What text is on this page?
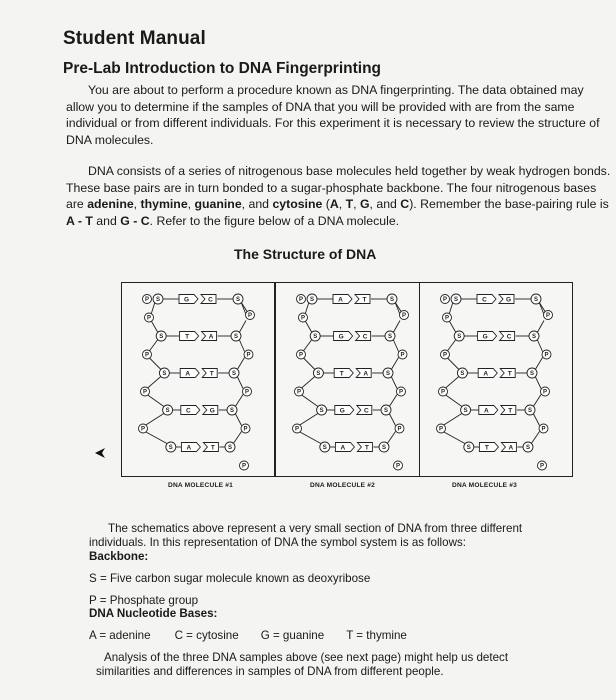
Student Manual
Pre-Lab Introduction to DNA Fingerprinting
You are about to perform a procedure known as DNA fingerprinting. The data obtained may allow you to determine if the samples of DNA that you will be provided with are from the same individual or from different individuals. For this experiment it is necessary to review the structure of DNA molecules.
DNA consists of a series of nitrogenous base molecules held together by weak hydrogen bonds. These base pairs are in turn bonded to a sugar-phosphate backbone. The four nitrogenous bases are adenine, thymine, guanine, and cytosine (A, T, G, and C). Remember the base-pairing rule is A - T and G - C. Refer to the figure below of a DNA molecule.
The Structure of DNA
P	P
P	P
P	P
P	P
P
P	G	C
S	S
T	A
S	S
A	T
S	S
C	G
S	S
A	T
S	S
P	P
P	P
P	P
P	P
P
P	A	T
S	S
G	C
S	S
T	A
S	S
G	C
S	S
A	T
S	S
P	P
P	P
P	P
P	P
P
P	C	G
S	S
G	C
S	S
A	T
S	S
A	T
S	S
T	A
S	S
DNA MOLECULE #1	DNA MOLECULE #2	DNA MOLECULE #3
The schematics above represent a very small section of DNA from three different
individuals. In this representation of DNA the symbol system is as follows:
Backbone:
S = Five carbon sugar molecule known as deoxyribose
P = Phosphate group
DNA Nucleotide Bases:
A = adenine C = cytosine G = guanine T = thymine
Analysis of the three DNA samples above (see next page) might help us detect
similarities and differences in samples of DNA from different people.
